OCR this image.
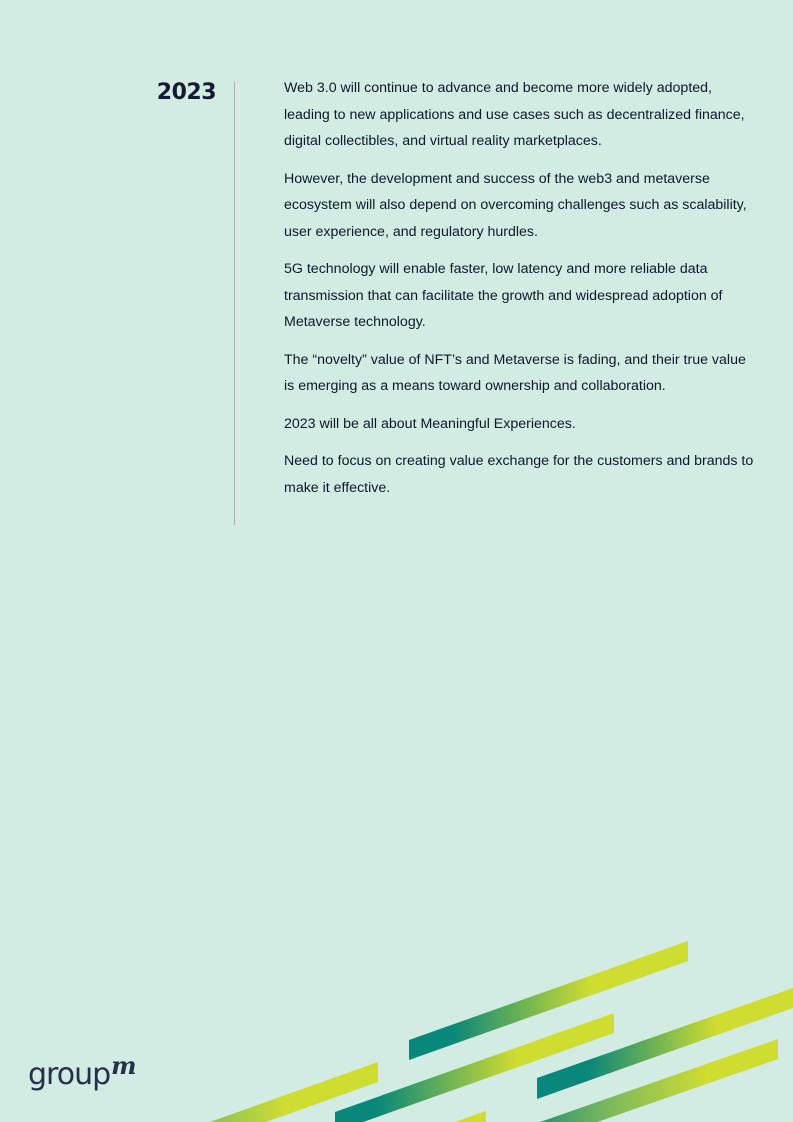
2023	Web 3.0 will continue to advance and become more widely adopted, leading to new applications and use cases such as decentralized finance, digital collectibles, and virtual reality marketplaces.

However, the development and success of the web3 and metaverse ecosystem will also depend on overcoming challenges such as scalability, user experience, and regulatory hurdles.

5G technology will enable faster, low latency and more reliable data transmission that can facilitate the growth and widespread adoption of Metaverse technology.

The “novelty” value of NFT’s and Metaverse is fading, and their true value is emerging as a means toward ownership and collaboration.

2023 will be all about Meaningful Experiences.

Need to focus on creating value exchange for the customers and brands to make it effective.

group$^m$
